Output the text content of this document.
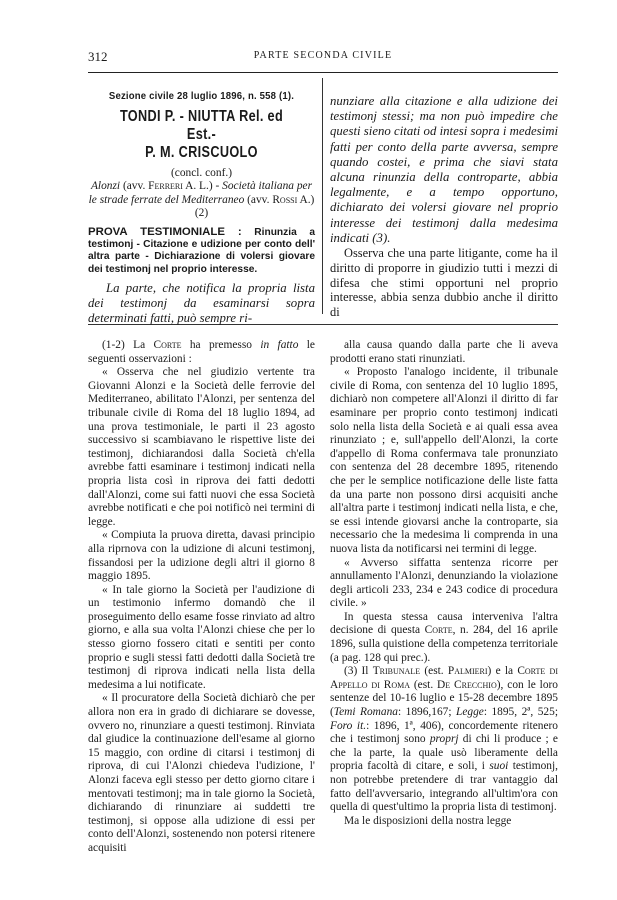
312	PARTE SECONDA CIVILE
Sezione civile 28 luglio 1896, n. 558 (1).
TONDI P. - NIUTTA Rel. ed Est.-
P. M. CRISCUOLO
(concl. conf.)
Alonzi (avv. Ferreri A. L.) - Società italiana per le strade ferrate del Mediterraneo (avv. Rossi A.) (2)
PROVA TESTIMONIALE : Rinunzia a testimonj - Citazione e udizione per conto dell' altra parte - Dichiarazione di volersi giovare dei testimonj nel proprio interesse.

La parte, che notifica la propria lista dei testimonj da esaminarsi sopra determinati fatti, può sempre ri-

nunziare alla citazione e alla udizione dei testimonj stessi; ma non può impedire che questi sieno citati od intesi sopra i medesimi fatti per conto della parte avversa, sempre quando costei, e prima che siavi stata alcuna rinunzia della controparte, abbia legalmente, e a tempo opportuno, dichiarato dei volersi giovare nel proprio interesse dei testimonj dalla medesima indicati (3).

Osserva che una parte litigante, come ha il diritto di proporre in giudizio tutti i mezzi di difesa che stimi opportuni nel proprio interesse, abbia senza dubbio anche il diritto di

(1-2) La Corte ha premesso in fatto le seguenti osservazioni :

« Osserva che nel giudizio vertente tra Giovanni Alonzi e la Società delle ferrovie del Mediterraneo, abilitato l'Alonzi, per sentenza del tribunale civile di Roma del 18 luglio 1894, ad una prova testimoniale, le parti il 23 agosto successivo si scambiavano le rispettive liste dei testimonj, dichiarandosi dalla Società ch'ella avrebbe fatti esaminare i testimonj indicati nella propria lista così in riprova dei fatti dedotti dall'Alonzi, come sui fatti nuovi che essa Società avrebbe notificati e che poi notificò nei termini di legge.

« Compiuta la pruova diretta, davasi principio alla riprnova con la udizione di alcuni testimonj, fissandosi per la udizione degli altri il giorno 8 maggio 1895.

« In tale giorno la Società per l'audizione di un testimonio infermo domandò che il proseguimento dello esame fosse rinviato ad altro giorno, e alla sua volta l'Alonzi chiese che per lo stesso giorno fossero citati e sentiti per conto proprio e sugli stessi fatti dedotti dalla Società tre testimonj di riprova indicati nella lista della medesima a lui notificate.

« Il procuratore della Società dichiarò che per allora non era in grado di dichiarare se dovesse, ovvero no, rinunziare a questi testimonj. Rinviata dal giudice la continuazione dell'esame al giorno 15 maggio, con ordine di citarsi i testimonj di riprova, di cui l'Alonzi chiedeva l'udizione, l' Alonzi faceva egli stesso per detto giorno citare i mentovati testimonj; ma in tale giorno la Società, dichiarando di rinunziare ai suddetti tre testimonj, si oppose alla udizione di essi per conto dell'Alonzi, sostenendo non potersi ritenere acquisiti

alla causa quando dalla parte che li aveva prodotti erano stati rinunziati.

« Proposto l'analogo incidente, il tribunale civile di Roma, con sentenza del 10 luglio 1895, dichiarò non competere all'Alonzi il diritto di far esaminare per proprio conto testimonj indicati solo nella lista della Società e ai quali essa avea rinunziato ; e, sull'appello dell'Alonzi, la corte d'appello di Roma confermava tale pronunziato con sentenza del 28 decembre 1895, ritenendo che per le semplice notificazione delle liste fatta da una parte non possono dirsi acquisiti anche all'altra parte i testimonj indicati nella lista, e che, se essi intende giovarsi anche la controparte, sia necessario che la medesima li comprenda in una nuova lista da notificarsi nei termini di legge.

« Avverso siffatta sentenza ricorre per annullamento l'Alonzi, denunziando la violazione degli articoli 233, 234 e 243 codice di procedura civile. »

In questa stessa causa interveniva l'altra decisione di questa Corte, n. 284, del 16 aprile 1896, sulla quistione della competenza territoriale (a pag. 128 qui prec.).

(3) Il Tribunale (est. Palmieri) e la Corte di Appello di Roma (est. De Crecchio), con le loro sentenze del 10-16 luglio e 15-28 decembre 1895 (Temi Romana: 1896,167; Legge: 1895, 2ª, 525; Foro it.: 1896, 1ª, 406), concordemente ritenero che i testimonj sono proprj di chi li produce ; e che la parte, la quale usò liberamente della propria facoltà di citare, e soli, i suoi testimonj, non potrebbe pretendere di trar vantaggio dal fatto dell'avversario, integrando all'ultim'ora con quella di quest'ultimo la propria lista di testimonj.

Ma le disposizioni della nostra legge
